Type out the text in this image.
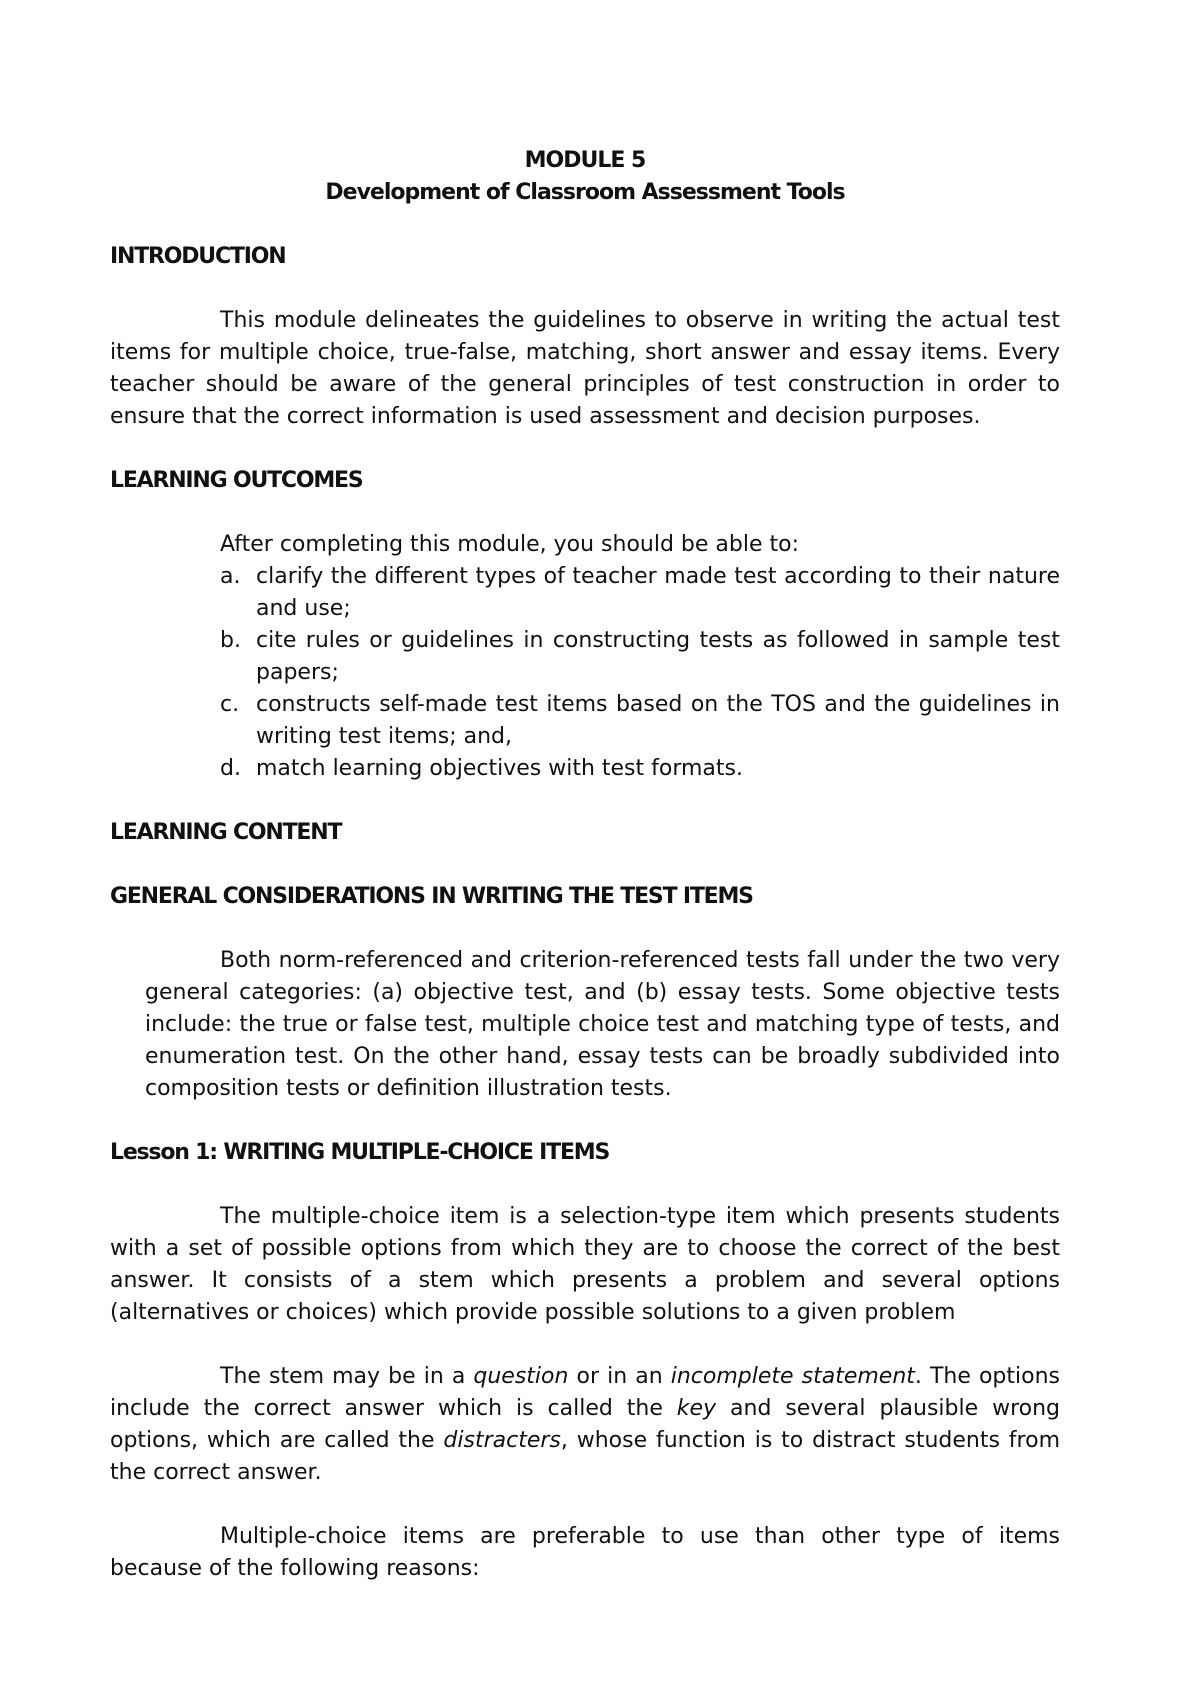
MODULE 5
Development of Classroom Assessment Tools

INTRODUCTION

This module delineates the guidelines to observe in writing the actual test items for multiple choice, true-false, matching, short answer and essay items. Every teacher should be aware of the general principles of test construction in order to ensure that the correct information is used assessment and decision purposes.

LEARNING OUTCOMES

After completing this module, you should be able to:

a. clarify the different types of teacher made test according to their nature and use;
b. cite rules or guidelines in constructing tests as followed in sample test papers;
c. constructs self-made test items based on the TOS and the guidelines in writing test items; and,
d. match learning objectives with test formats.

LEARNING CONTENT

GENERAL CONSIDERATIONS IN WRITING THE TEST ITEMS

Both norm-referenced and criterion-referenced tests fall under the two very general categories: (a) objective test, and (b) essay tests. Some objective tests include: the true or false test, multiple choice test and matching type of tests, and enumeration test. On the other hand, essay tests can be broadly subdivided into composition tests or definition illustration tests.

Lesson 1: WRITING MULTIPLE-CHOICE ITEMS

The multiple-choice item is a selection-type item which presents students with a set of possible options from which they are to choose the correct of the best answer. It consists of a stem which presents a problem and several options (alternatives or choices) which provide possible solutions to a given problem

The stem may be in a question or in an incomplete statement. The options include the correct answer which is called the key and several plausible wrong options, which are called the distracters, whose function is to distract students from the correct answer.

Multiple-choice items are preferable to use than other type of items because of the following reasons:
